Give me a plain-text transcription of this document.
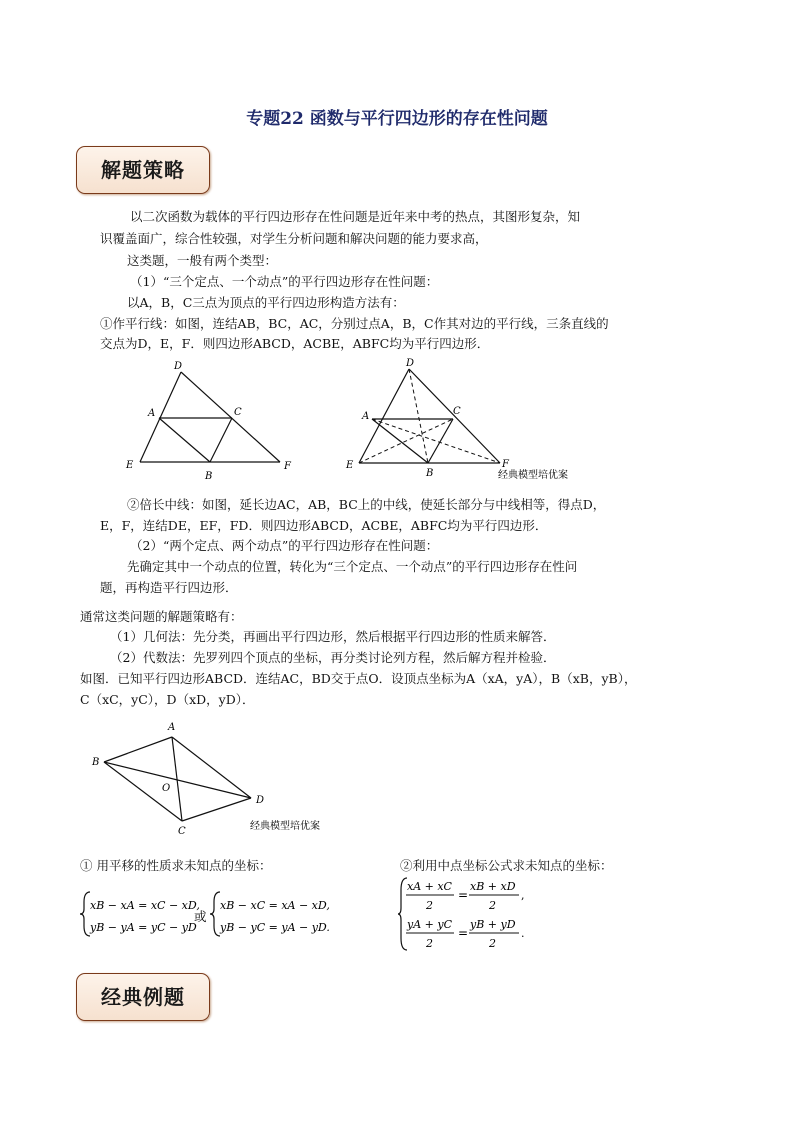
专题22 函数与平行四边形的存在性问题
解题策略
以二次函数为载体的平行四边形存在性问题是近年来中考的热点，其图形复杂，知
识覆盖面广，综合性较强，对学生分析问题和解决问题的能力要求高，
这类题，一般有两个类型：
（1）“三个定点、一个动点”的平行四边形存在性问题：
以A，B，C三点为顶点的平行四边形构造方法有：
①作平行线：如图，连结AB，BC，AC，分别过点A，B，C作其对边的平行线，三条直线的
交点为D，E，F．则四边形ABCD，ACBE，ABFC均为平行四边形．
D
A	C
E
B
F
D
A	C
E
B
F
经典模型培优案
②倍长中线：如图，延长边AC，AB，BC上的中线，使延长部分与中线相等，得点D，
E，F，连结DE，EF，FD．则四边形ABCD，ACBE，ABFC均为平行四边形．
（2）“两个定点、两个动点”的平行四边形存在性问题：
先确定其中一个动点的位置，转化为“三个定点、一个动点”的平行四边形存在性问
题，再构造平行四边形．
通常这类问题的解题策略有：
（1）几何法：先分类，再画出平行四边形，然后根据平行四边形的性质来解答．
（2）代数法：先罗列四个顶点的坐标，再分类讨论列方程，然后解方程并检验．
如图．已知平行四边形ABCD．连结AC，BD交于点O．设顶点坐标为A（xA，yA），B（xB，yB），
C（xC，yC），D（xD，yD）．
A
B
O
D
C	经典模型培优案
① 用平移的性质求未知点的坐标：	②利用中点坐标公式求未知点的坐标：
xB − xA = xC − xD,
yB − yA = yC − yD
或
xB − xC = xA − xD,
yB − yC = yA − yD.
xA + xC
2
=
xB + xD
2
,
yA + yC
2
=
yB + yD
2
.
经典例题
